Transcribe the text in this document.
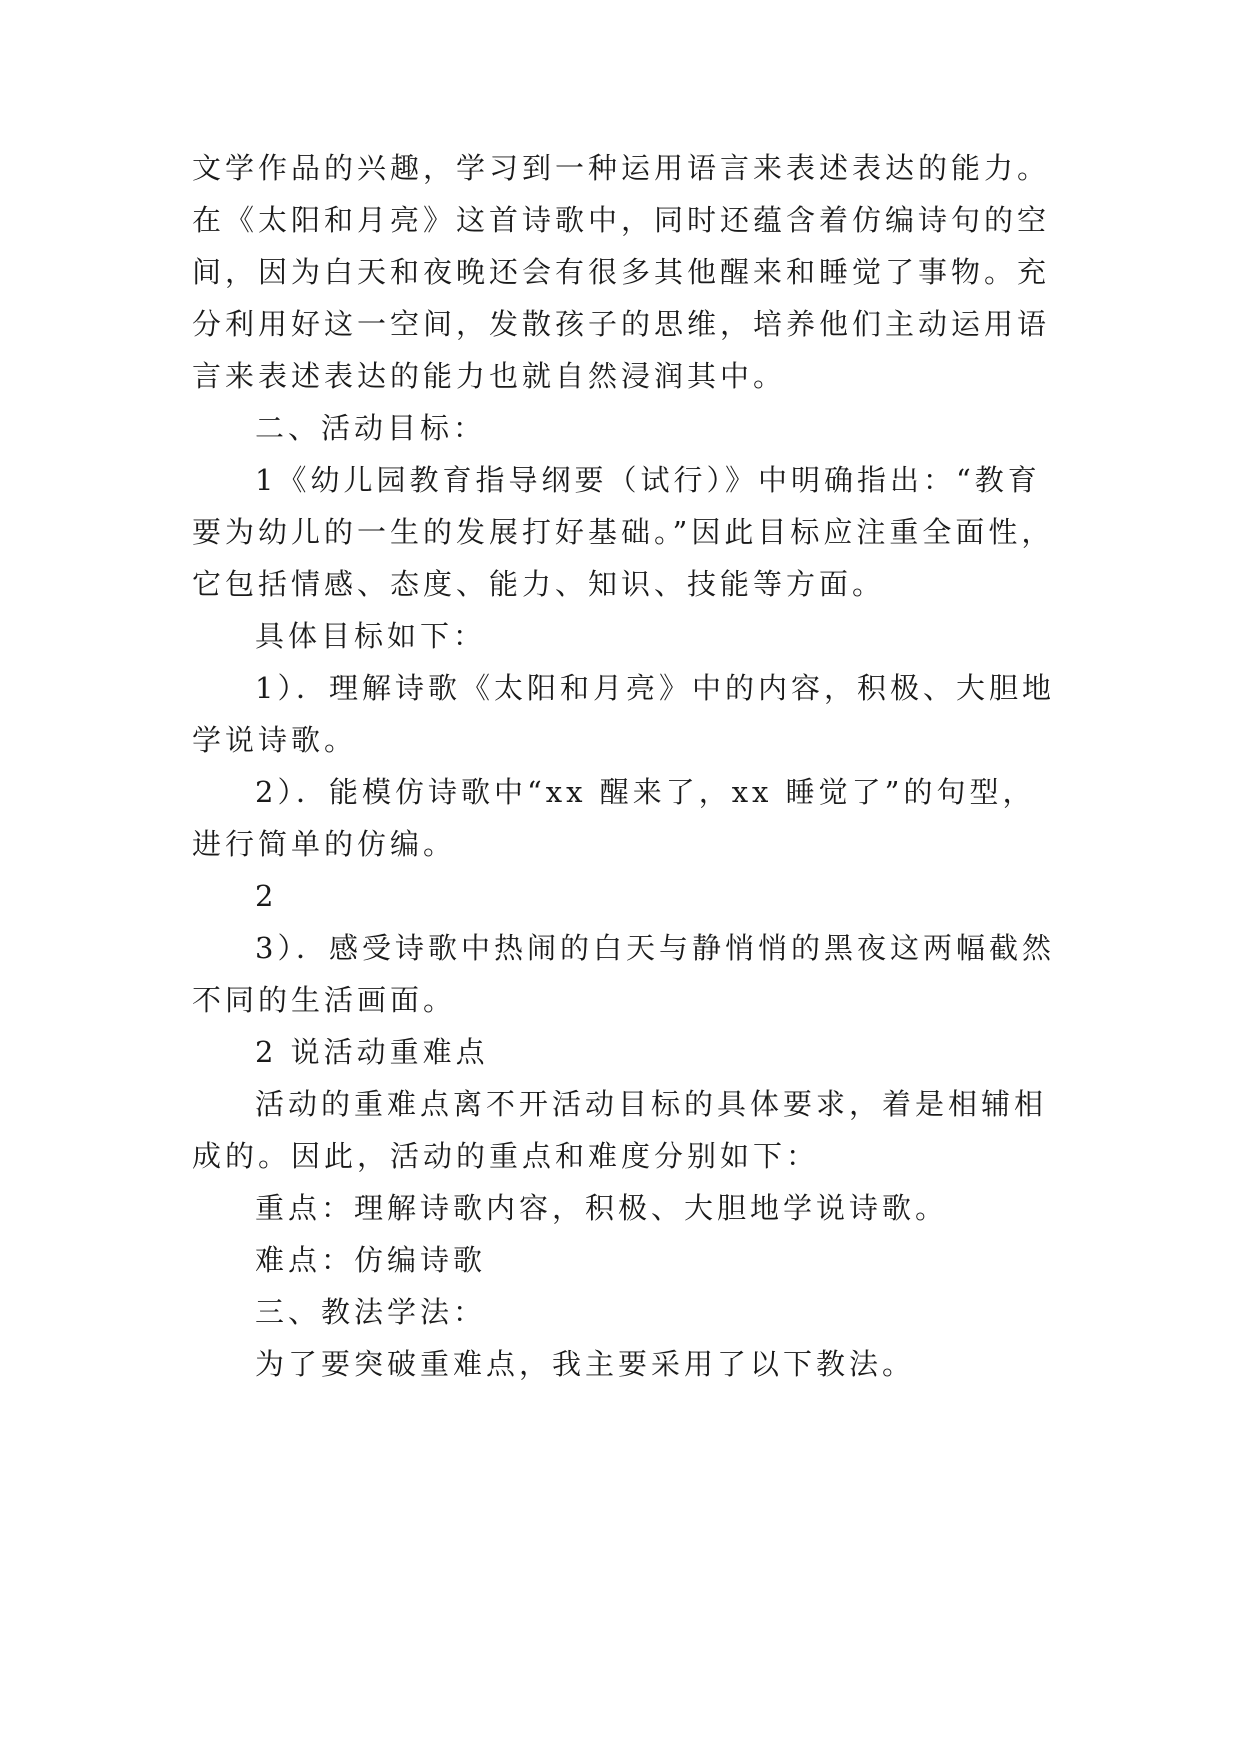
文学作品的兴趣，学习到一种运用语言来表述表达的能力。
在《太阳和月亮》这首诗歌中，同时还蕴含着仿编诗句的空
间，因为白天和夜晚还会有很多其他醒来和睡觉了事物。充
分利用好这一空间，发散孩子的思维，培养他们主动运用语
言来表述表达的能力也就自然浸润其中。
二、活动目标：
1《幼儿园教育指导纲要（试行）》中明确指出：“教育
要为幼儿的一生的发展打好基础。”因此目标应注重全面性，
它包括情感、态度、能力、知识、技能等方面。
具体目标如下：
1）．理解诗歌《太阳和月亮》中的内容，积极、大胆地
学说诗歌。
2）．能模仿诗歌中“xx 醒来了，xx 睡觉了”的句型，
进行简单的仿编。
2
3）．感受诗歌中热闹的白天与静悄悄的黑夜这两幅截然
不同的生活画面。
2 说活动重难点
活动的重难点离不开活动目标的具体要求，着是相辅相
成的。因此，活动的重点和难度分别如下：
重点：理解诗歌内容，积极、大胆地学说诗歌。
难点：仿编诗歌
三、教法学法：
为了要突破重难点，我主要采用了以下教法。
